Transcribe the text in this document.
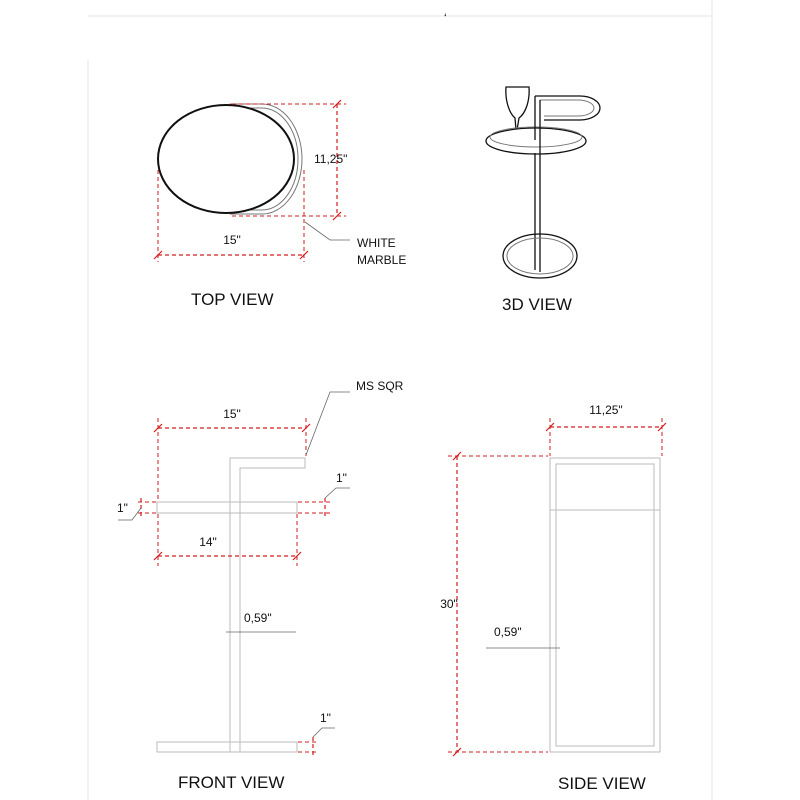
‘
15"
11,25"
WHITE
MARBLE
TOP VIEW	3D VIEW
15"
MS SQR
14"
1"
1"
1"
0,59"
FRONT VIEW
11,25"
30"
0,59"
SIDE VIEW
